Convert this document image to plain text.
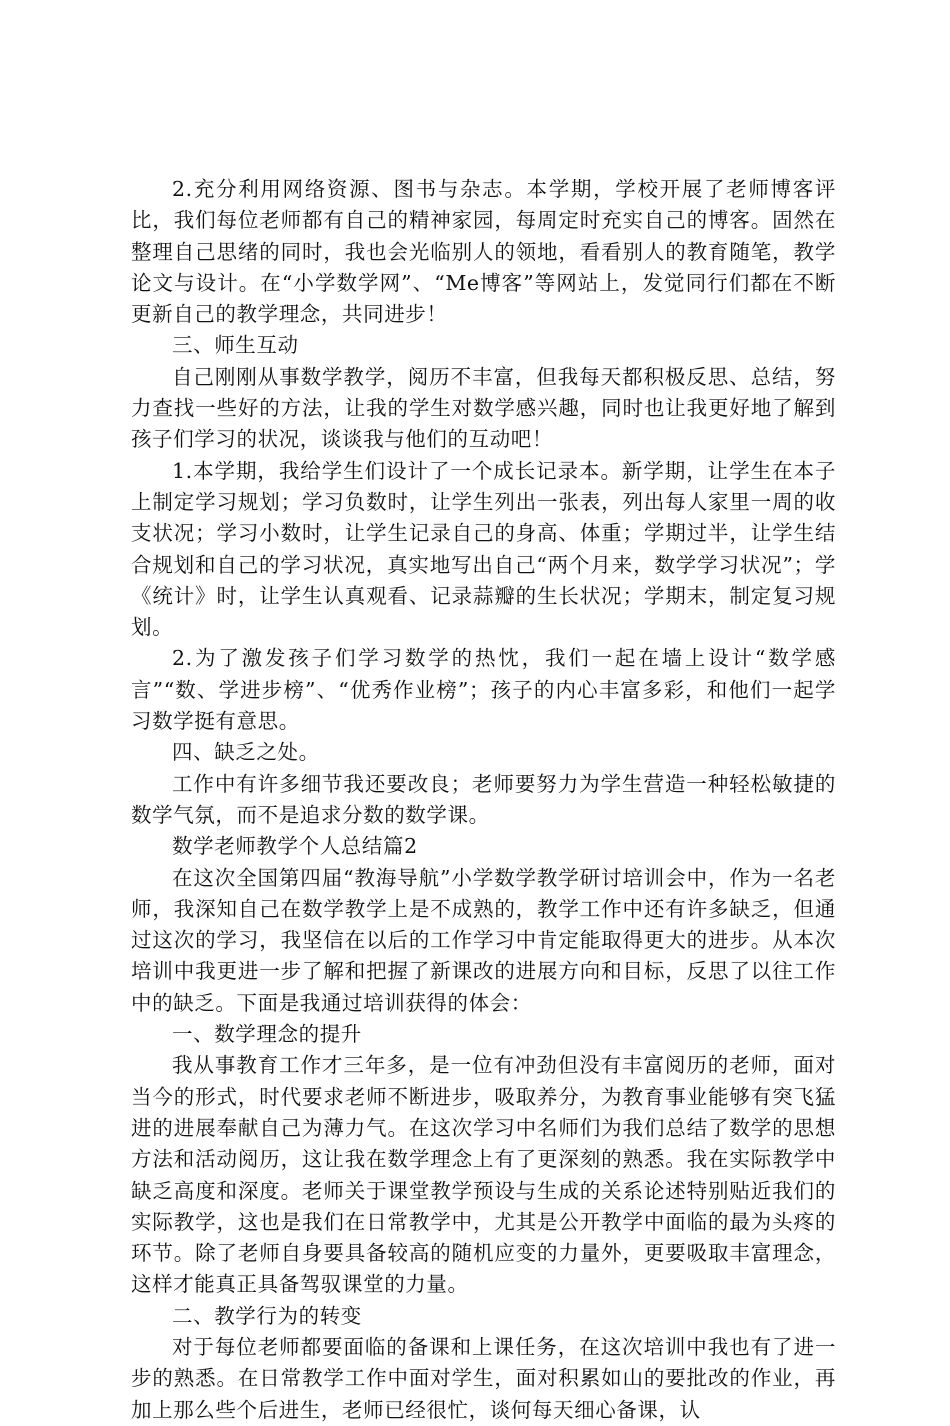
2.充分利用网络资源、图书与杂志。本学期，学校开展了老师博客评比，我们每位老师都有自己的精神家园，每周定时充实自己的博客。固然在整理自己思绪的同时，我也会光临别人的领地，看看别人的教育随笔，教学论文与设计。在“小学数学网”、“Me博客”等网站上，发觉同行们都在不断更新自己的教学理念，共同进步！

三、师生互动

自己刚刚从事数学教学，阅历不丰富，但我每天都积极反思、总结，努力查找一些好的方法，让我的学生对数学感兴趣，同时也让我更好地了解到孩子们学习的状况，谈谈我与他们的互动吧！

1.本学期，我给学生们设计了一个成长记录本。新学期，让学生在本子上制定学习规划；学习负数时，让学生列出一张表，列出每人家里一周的收支状况；学习小数时，让学生记录自己的身高、体重；学期过半，让学生结合规划和自己的学习状况，真实地写出自己“两个月来，数学学习状况”；学《统计》时，让学生认真观看、记录蒜瓣的生长状况；学期末，制定复习规划。

2.为了激发孩子们学习数学的热忱，我们一起在墙上设计“数学感言”“数、学进步榜”、“优秀作业榜”；孩子的内心丰富多彩，和他们一起学习数学挺有意思。

四、缺乏之处。

工作中有许多细节我还要改良；老师要努力为学生营造一种轻松敏捷的数学气氛，而不是追求分数的数学课。

数学老师教学个人总结篇2

在这次全国第四届“教海导航”小学数学教学研讨培训会中，作为一名老师，我深知自己在数学教学上是不成熟的，教学工作中还有许多缺乏，但通过这次的学习，我坚信在以后的工作学习中肯定能取得更大的进步。从本次培训中我更进一步了解和把握了新课改的进展方向和目标，反思了以往工作中的缺乏。下面是我通过培训获得的体会：

一、数学理念的提升

我从事教育工作才三年多，是一位有冲劲但没有丰富阅历的老师，面对当今的形式，时代要求老师不断进步，吸取养分，为教育事业能够有突飞猛进的进展奉献自己为薄力气。在这次学习中名师们为我们总结了数学的思想方法和活动阅历，这让我在数学理念上有了更深刻的熟悉。我在实际教学中缺乏高度和深度。老师关于课堂教学预设与生成的关系论述特别贴近我们的实际教学，这也是我们在日常教学中，尤其是公开教学中面临的最为头疼的环节。除了老师自身要具备较高的随机应变的力量外，更要吸取丰富理念，这样才能真正具备驾驭课堂的力量。

二、教学行为的转变

对于每位老师都要面临的备课和上课任务，在这次培训中我也有了进一步的熟悉。在日常教学工作中面对学生，面对积累如山的要批改的作业，再加上那么些个后进生，老师已经很忙，谈何每天细心备课，认
